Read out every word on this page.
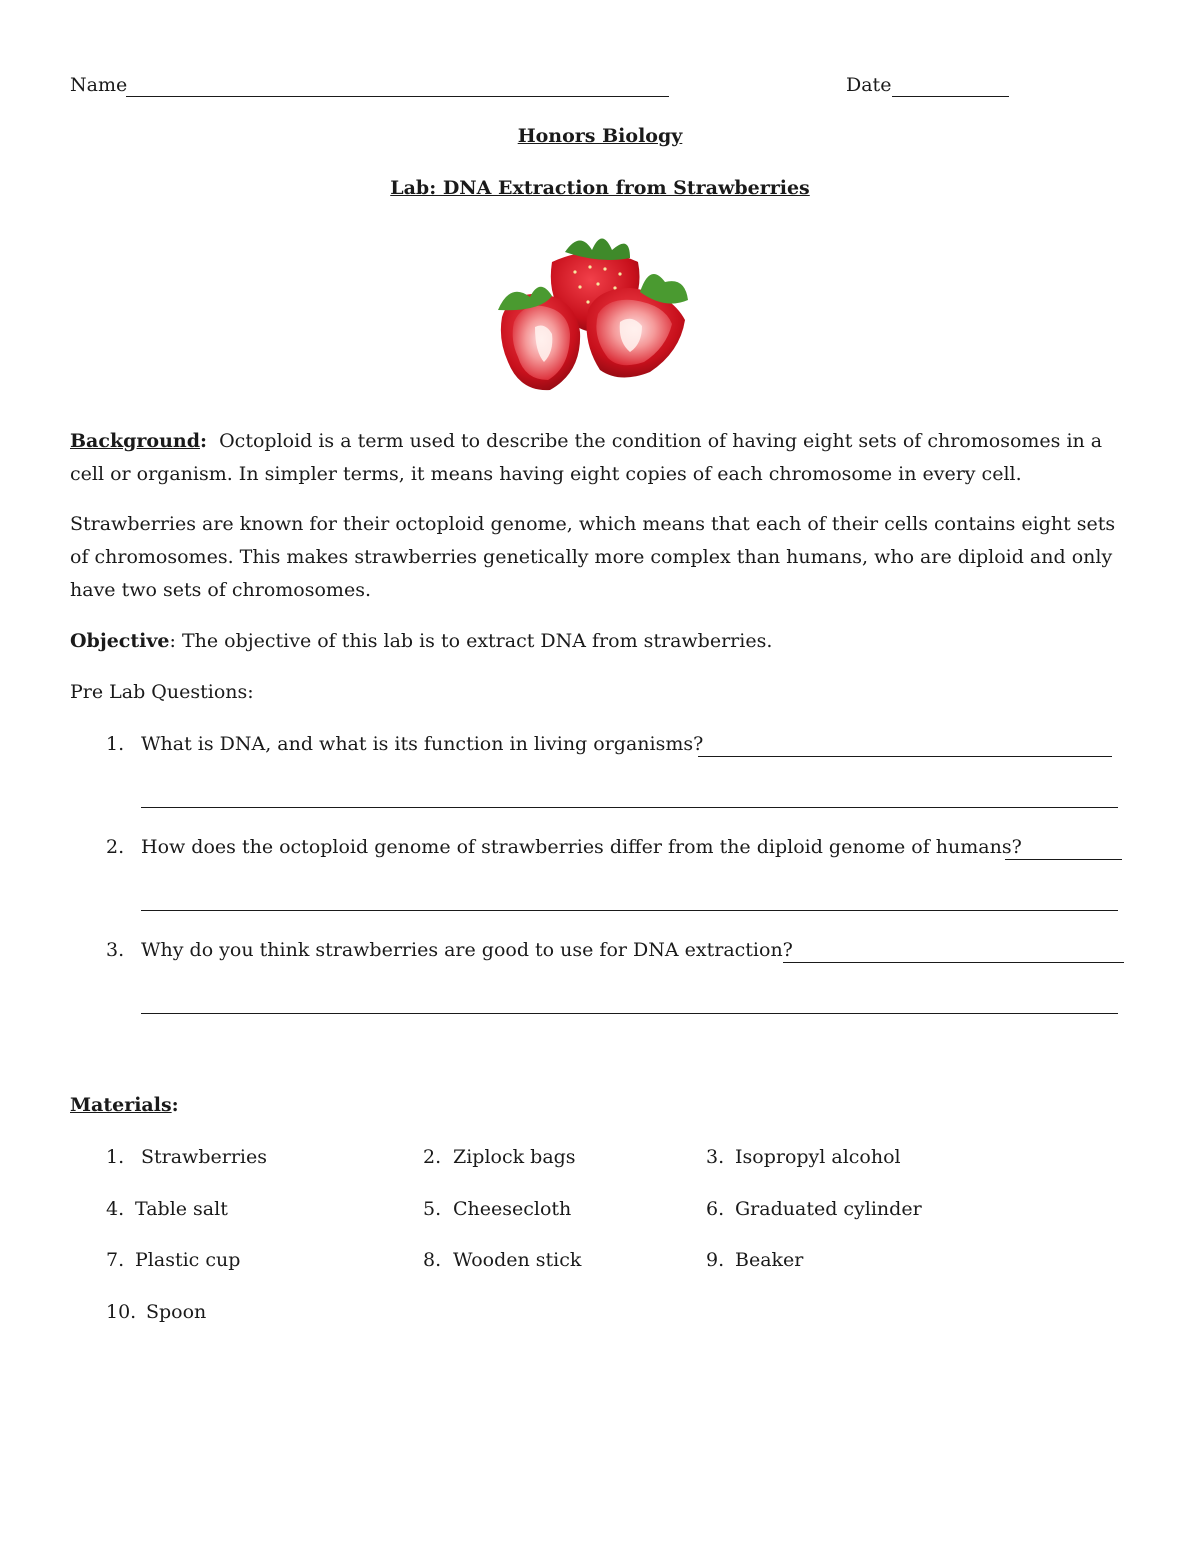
Name	Date
Honors Biology
Lab: DNA Extraction from Strawberries
Background: Octoploid is a term used to describe the condition of having eight sets of chromosomes in a cell or organism. In simpler terms, it means having eight copies of each chromosome in every cell.
Strawberries are known for their octoploid genome, which means that each of their cells contains eight sets of chromosomes. This makes strawberries genetically more complex than humans, who are diploid and only have two sets of chromosomes.
Objective: The objective of this lab is to extract DNA from strawberries.
Pre Lab Questions:
1. What is DNA, and what is its function in living organisms?
2. How does the octoploid genome of strawberries differ from the diploid genome of humans?
3. Why do you think strawberries are good to use for DNA extraction?
Materials:
1. Strawberries	2. Ziplock bags	3. Isopropyl alcohol
4. Table salt	5. Cheesecloth	6. Graduated cylinder
7. Plastic cup	8. Wooden stick	9. Beaker
10. Spoon
